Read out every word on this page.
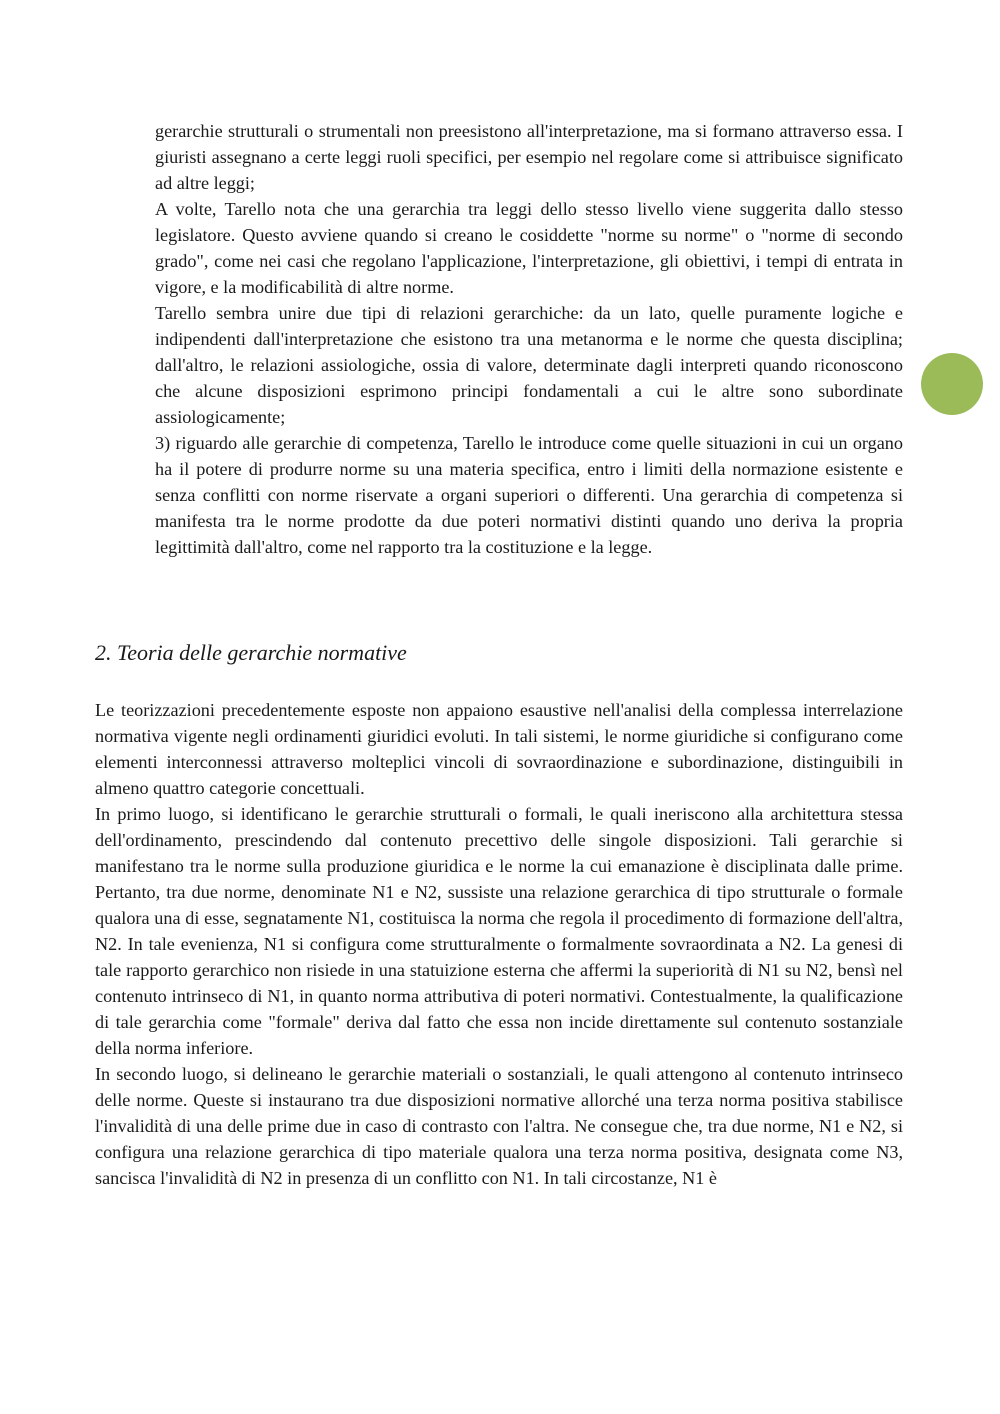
gerarchie strutturali o strumentali non preesistono all'interpretazione, ma si formano attraverso essa. I giuristi assegnano a certe leggi ruoli specifici, per esempio nel regolare come si attribuisce significato ad altre leggi;

A volte, Tarello nota che una gerarchia tra leggi dello stesso livello viene suggerita dallo stesso legislatore. Questo avviene quando si creano le cosiddette "norme su norme" o "norme di secondo grado", come nei casi che regolano l'applicazione, l'interpretazione, gli obiettivi, i tempi di entrata in vigore, e la modificabilità di altre norme.

Tarello sembra unire due tipi di relazioni gerarchiche: da un lato, quelle puramente logiche e indipendenti dall'interpretazione che esistono tra una metanorma e le norme che questa disciplina; dall'altro, le relazioni assiologiche, ossia di valore, determinate dagli interpreti quando riconoscono che alcune disposizioni esprimono principi fondamentali a cui le altre sono subordinate assiologicamente;

3) riguardo alle gerarchie di competenza, Tarello le introduce come quelle situazioni in cui un organo ha il potere di produrre norme su una materia specifica, entro i limiti della normazione esistente e senza conflitti con norme riservate a organi superiori o differenti. Una gerarchia di competenza si manifesta tra le norme prodotte da due poteri normativi distinti quando uno deriva la propria legittimità dall'altro, come nel rapporto tra la costituzione e la legge.

2. Teoria delle gerarchie normative

Le teorizzazioni precedentemente esposte non appaiono esaustive nell'analisi della complessa interrelazione normativa vigente negli ordinamenti giuridici evoluti. In tali sistemi, le norme giuridiche si configurano come elementi interconnessi attraverso molteplici vincoli di sovraordinazione e subordinazione, distinguibili in almeno quattro categorie concettuali.

In primo luogo, si identificano le gerarchie strutturali o formali, le quali ineriscono alla architettura stessa dell'ordinamento, prescindendo dal contenuto precettivo delle singole disposizioni. Tali gerarchie si manifestano tra le norme sulla produzione giuridica e le norme la cui emanazione è disciplinata dalle prime. Pertanto, tra due norme, denominate N1 e N2, sussiste una relazione gerarchica di tipo strutturale o formale qualora una di esse, segnatamente N1, costituisca la norma che regola il procedimento di formazione dell'altra, N2. In tale evenienza, N1 si configura come strutturalmente o formalmente sovraordinata a N2. La genesi di tale rapporto gerarchico non risiede in una statuizione esterna che affermi la superiorità di N1 su N2, bensì nel contenuto intrinseco di N1, in quanto norma attributiva di poteri normativi. Contestualmente, la qualificazione di tale gerarchia come "formale" deriva dal fatto che essa non incide direttamente sul contenuto sostanziale della norma inferiore.

In secondo luogo, si delineano le gerarchie materiali o sostanziali, le quali attengono al contenuto intrinseco delle norme. Queste si instaurano tra due disposizioni normative allorché una terza norma positiva stabilisce l'invalidità di una delle prime due in caso di contrasto con l'altra. Ne consegue che, tra due norme, N1 e N2, si configura una relazione gerarchica di tipo materiale qualora una terza norma positiva, designata come N3, sancisca l'invalidità di N2 in presenza di un conflitto con N1. In tali circostanze, N1 è
